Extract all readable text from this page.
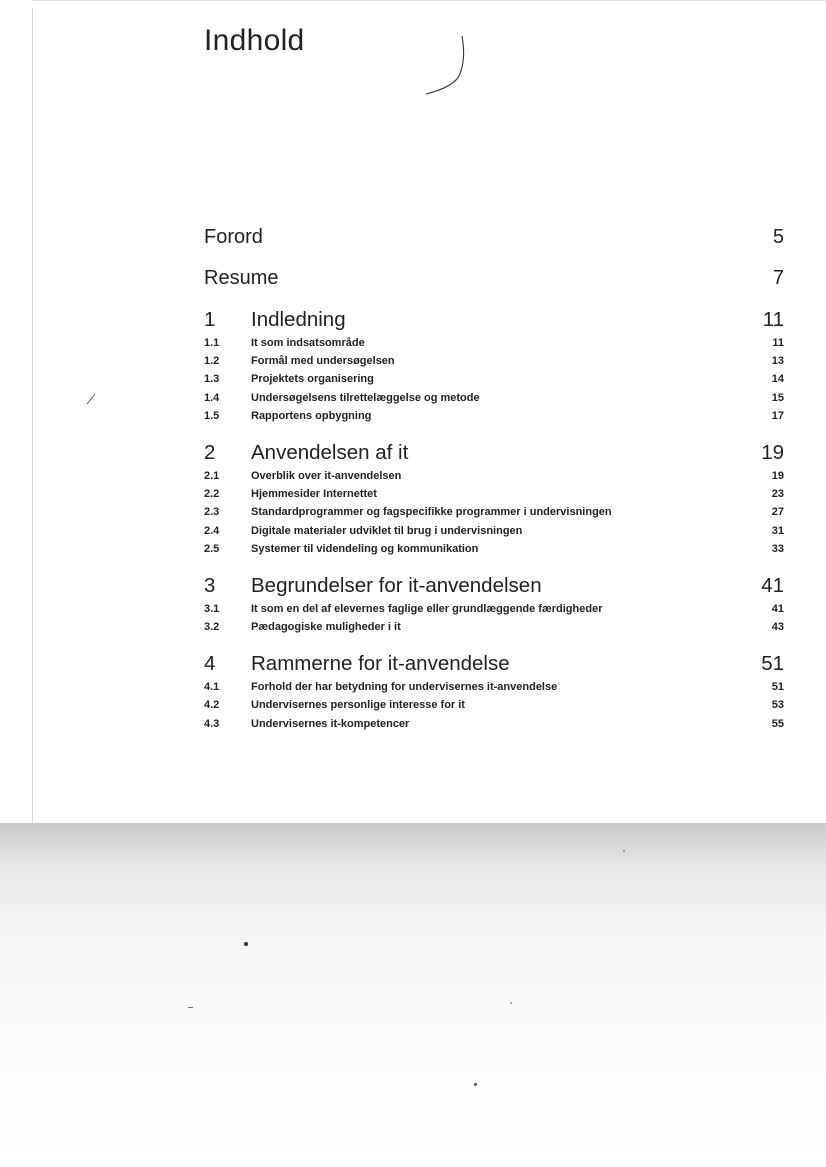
Indhold
Forord	5
Resume	7
1	Indledning	11
1.1	It som indsatsområde	11
1.2	Formål med undersøgelsen	13
1.3	Projektets organisering	14
1.4	Undersøgelsens tilrettelæggelse og metode	15
1.5	Rapportens opbygning	17
2	Anvendelsen af it	19
2.1	Overblik over it-anvendelsen	19
2.2	Hjemmesider Internettet	23
2.3	Standardprogrammer og fagspecifikke programmer i undervisningen	27
2.4	Digitale materialer udviklet til brug i undervisningen	31
2.5	Systemer til videndeling og kommunikation	33
3	Begrundelser for it-anvendelsen	41
3.1	It som en del af elevernes faglige eller grundlæggende færdigheder	41
3.2	Pædagogiske muligheder i it	43
4	Rammerne for it-anvendelse	51
4.1	Forhold der har betydning for undervisernes it-anvendelse	51
4.2	Undervisernes personlige interesse for it	53
4.3	Undervisernes it-kompetencer	55
